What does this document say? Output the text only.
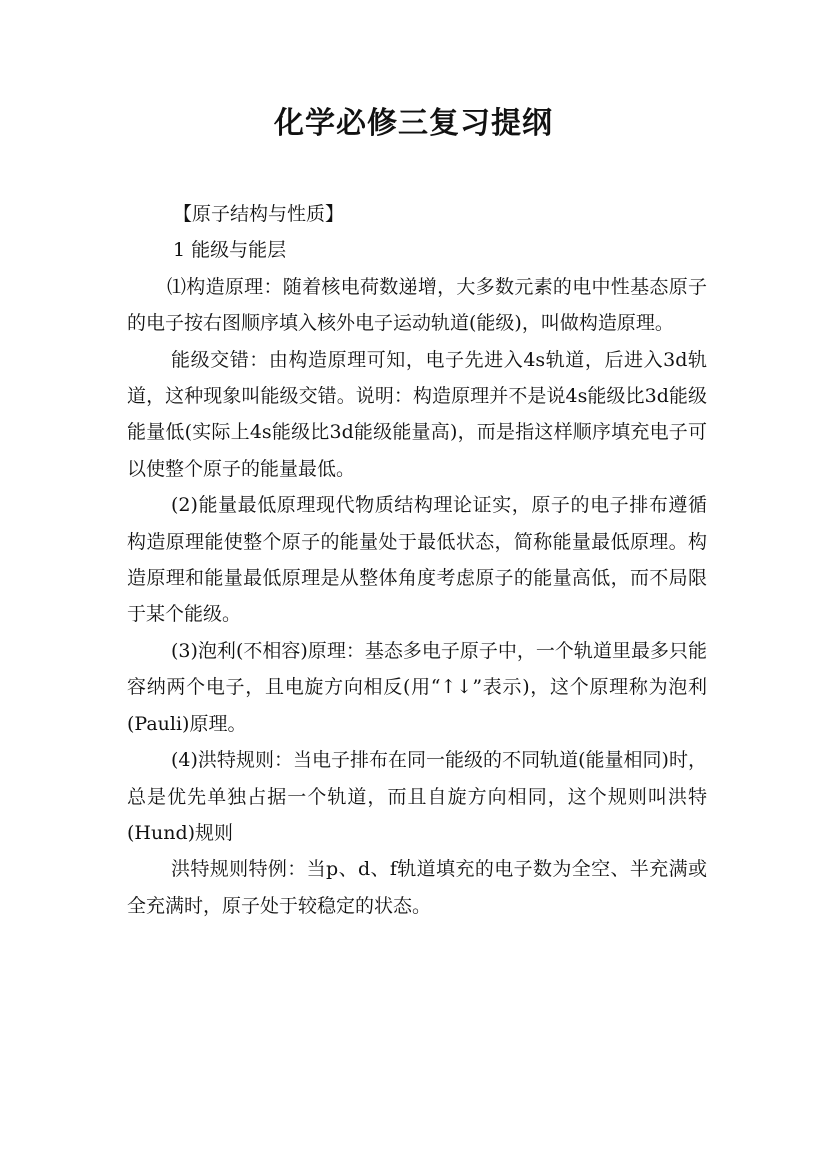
化学必修三复习提纲

【原子结构与性质】

1 能级与能层

⑴构造原理：随着核电荷数递增，大多数元素的电中性基态原子的电子按右图顺序填入核外电子运动轨道(能级)，叫做构造原理。

能级交错：由构造原理可知，电子先进入4s轨道，后进入3d轨道，这种现象叫能级交错。说明：构造原理并不是说4s能级比3d能级能量低(实际上4s能级比3d能级能量高)，而是指这样顺序填充电子可以使整个原子的能量最低。

(2)能量最低原理现代物质结构理论证实，原子的电子排布遵循构造原理能使整个原子的能量处于最低状态，简称能量最低原理。构造原理和能量最低原理是从整体角度考虑原子的能量高低，而不局限于某个能级。

(3)泡利(不相容)原理：基态多电子原子中，一个轨道里最多只能容纳两个电子，且电旋方向相反(用“↑↓”表示)，这个原理称为泡利(Pauli)原理。

(4)洪特规则：当电子排布在同一能级的不同轨道(能量相同)时，总是优先单独占据一个轨道，而且自旋方向相同，这个规则叫洪特(Hund)规则

洪特规则特例：当p、d、f轨道填充的电子数为全空、半充满或全充满时，原子处于较稳定的状态。
